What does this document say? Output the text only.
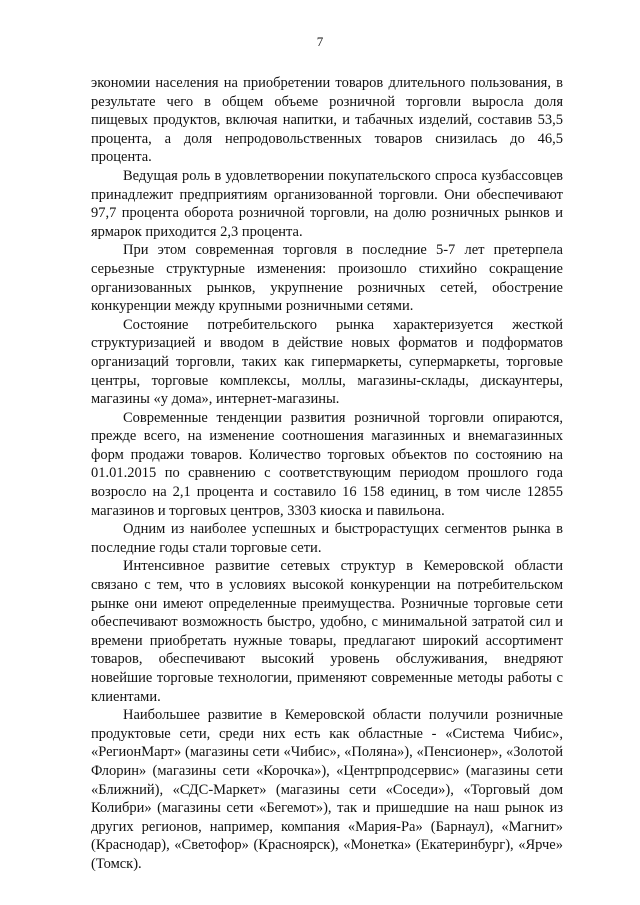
7

экономии населения на приобретении товаров длительного пользования, в результате чего в общем объеме розничной торговли выросла доля пищевых продуктов, включая напитки, и табачных изделий, составив 53,5 процента, а доля непродовольственных товаров снизилась до 46,5 процента.

Ведущая роль в удовлетворении покупательского спроса кузбассовцев принадлежит предприятиям организованной торговли. Они обеспечивают 97,7 процента оборота розничной торговли, на долю розничных рынков и ярмарок приходится 2,3 процента.

При этом современная торговля в последние 5-7 лет претерпела серьезные структурные изменения: произошло стихийно сокращение организованных рынков, укрупнение розничных сетей, обострение конкуренции между крупными розничными сетями.

Состояние потребительского рынка характеризуется жесткой структуризацией и вводом в действие новых форматов и подформатов организаций торговли, таких как гипермаркеты, супермаркеты, торговые центры, торговые комплексы, моллы, магазины-склады, дискаунтеры, магазины «у дома», интернет-магазины.

Современные тенденции развития розничной торговли опираются, прежде всего, на изменение соотношения магазинных и внемагазинных форм продажи товаров. Количество торговых объектов по состоянию на 01.01.2015 по сравнению с соответствующим периодом прошлого года возросло на 2,1 процента и составило 16 158 единиц, в том числе 12855 магазинов и торговых центров, 3303 киоска и павильона.

Одним из наиболее успешных и быстрорастущих сегментов рынка в последние годы стали торговые сети.

Интенсивное развитие сетевых структур в Кемеровской области связано с тем, что в условиях высокой конкуренции на потребительском рынке они имеют определенные преимущества. Розничные торговые сети обеспечивают возможность быстро, удобно, с минимальной затратой сил и времени приобретать нужные товары, предлагают широкий ассортимент товаров, обеспечивают высокий уровень обслуживания, внедряют новейшие торговые технологии, применяют современные методы работы с клиентами.

Наибольшее развитие в Кемеровской области получили розничные продуктовые сети, среди них есть как областные - «Система Чибис», «РегионМарт» (магазины сети «Чибис», «Поляна»), «Пенсионер», «Золотой Флорин» (магазины сети «Корочка»), «Центрпродсервис» (магазины сети «Ближний), «СДС-Маркет» (магазины сети «Соседи»), «Торговый дом Колибри» (магазины сети «Бегемот»), так и пришедшие на наш рынок из других регионов, например, компания «Мария-Ра» (Барнаул), «Магнит» (Краснодар), «Светофор» (Красноярск), «Монетка» (Екатеринбург), «Ярче» (Томск).
